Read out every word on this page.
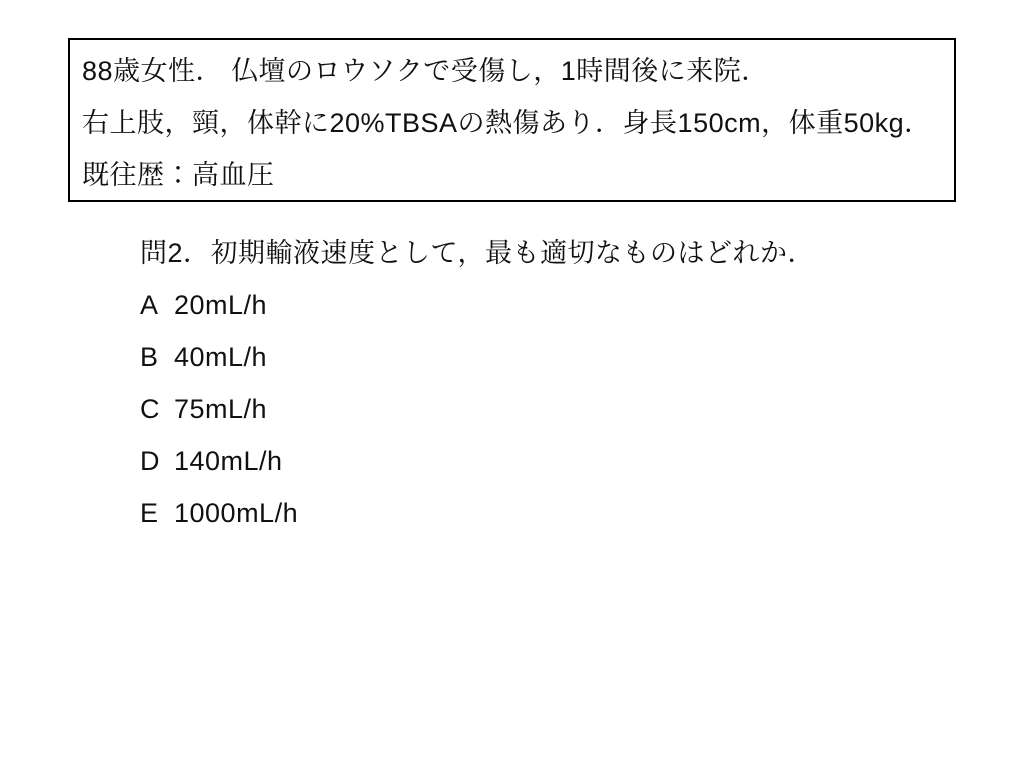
88歳女性． 仏壇のロウソクで受傷し，1時間後に来院．

右上肢，頸，体幹に20%TBSAの熱傷あり．身長150cm，体重50kg．

既往歴：高血圧

問2．初期輸液速度として，最も適切なものはどれか．

A 20mL/h
B 40mL/h
C 75mL/h
D 140mL/h
E 1000mL/h
